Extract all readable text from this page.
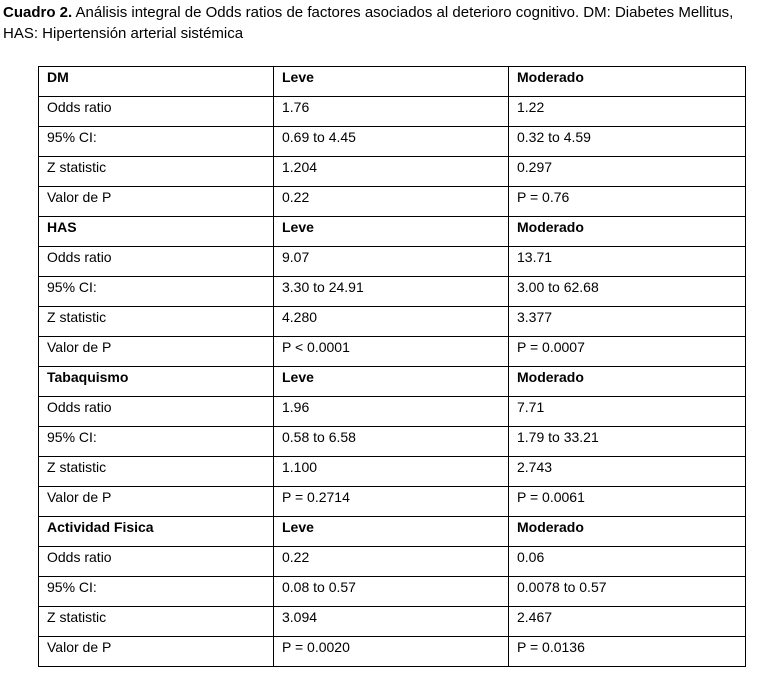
Cuadro 2. Análisis integral de Odds ratios de factores asociados al deterioro cognitivo. DM: Diabetes Mellitus, HAS: Hipertensión arterial sistémica
DM	Leve	Moderado
Odds ratio	1.76	1.22
95% CI:	0.69 to 4.45	0.32 to 4.59
Z statistic	1.204	0.297
Valor de P	0.22	P = 0.76
HAS	Leve	Moderado
Odds ratio	9.07	13.71
95% CI:	3.30 to 24.91	3.00 to 62.68
Z statistic	4.280	3.377
Valor de P	P < 0.0001	P = 0.0007
Tabaquismo	Leve	Moderado
Odds ratio	1.96	7.71
95% CI:	0.58 to 6.58	1.79 to 33.21
Z statistic	1.100	2.743
Valor de P	P = 0.2714	P = 0.0061
Actividad Fisica	Leve	Moderado
Odds ratio	0.22	0.06
95% CI:	0.08 to 0.57	0.0078 to 0.57
Z statistic	3.094	2.467
Valor de P	P = 0.0020	P = 0.0136
